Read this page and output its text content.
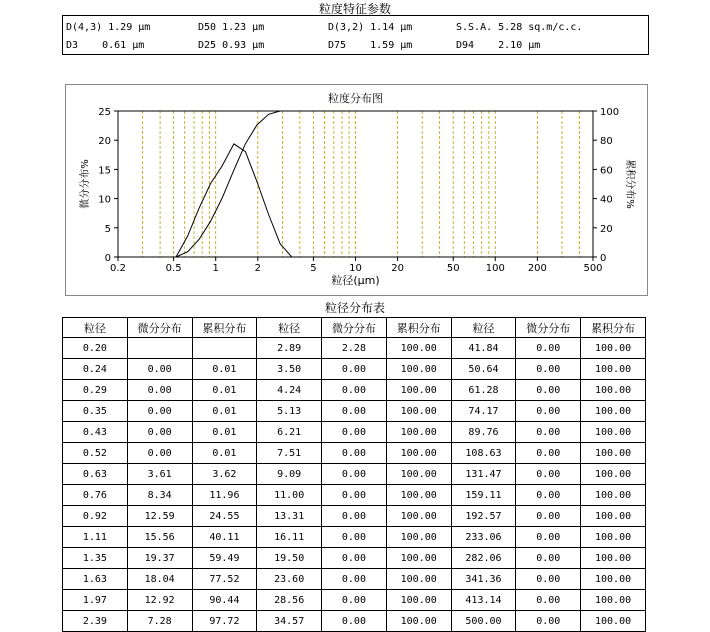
粒度特征参数
D(4,3) 1.29 μm	D50 1.23 μm	D(3,2) 1.14 μm	S.S.A. 5.28 sq.m/c.c.
D3    0.61 μm	D25 0.93 μm	D75    1.59 μm	D94    2.10 μm
粒度分布图
0.2	0.5	1	2	5	10	20	50	100 200	500
粒径(μm)
0
5
10
15
20
25
0
20
40
60
80
100
微分分布%	累积分布%
粒径分布表
粒径	微分分布	累积分布	粒径	微分分布	累积分布	粒径	微分分布	累积分布
0.20			2.89	2.28	100.00	41.84	0.00	100.00
0.24	0.00	0.01	3.50	0.00	100.00	50.64	0.00	100.00
0.29	0.00	0.01	4.24	0.00	100.00	61.28	0.00	100.00
0.35	0.00	0.01	5.13	0.00	100.00	74.17	0.00	100.00
0.43	0.00	0.01	6.21	0.00	100.00	89.76	0.00	100.00
0.52	0.00	0.01	7.51	0.00	100.00	108.63	0.00	100.00
0.63	3.61	3.62	9.09	0.00	100.00	131.47	0.00	100.00
0.76	8.34	11.96	11.00	0.00	100.00	159.11	0.00	100.00
0.92	12.59	24.55	13.31	0.00	100.00	192.57	0.00	100.00
1.11	15.56	40.11	16.11	0.00	100.00	233.06	0.00	100.00
1.35	19.37	59.49	19.50	0.00	100.00	282.06	0.00	100.00
1.63	18.04	77.52	23.60	0.00	100.00	341.36	0.00	100.00
1.97	12.92	90.44	28.56	0.00	100.00	413.14	0.00	100.00
2.39	7.28	97.72	34.57	0.00	100.00	500.00	0.00	100.00
